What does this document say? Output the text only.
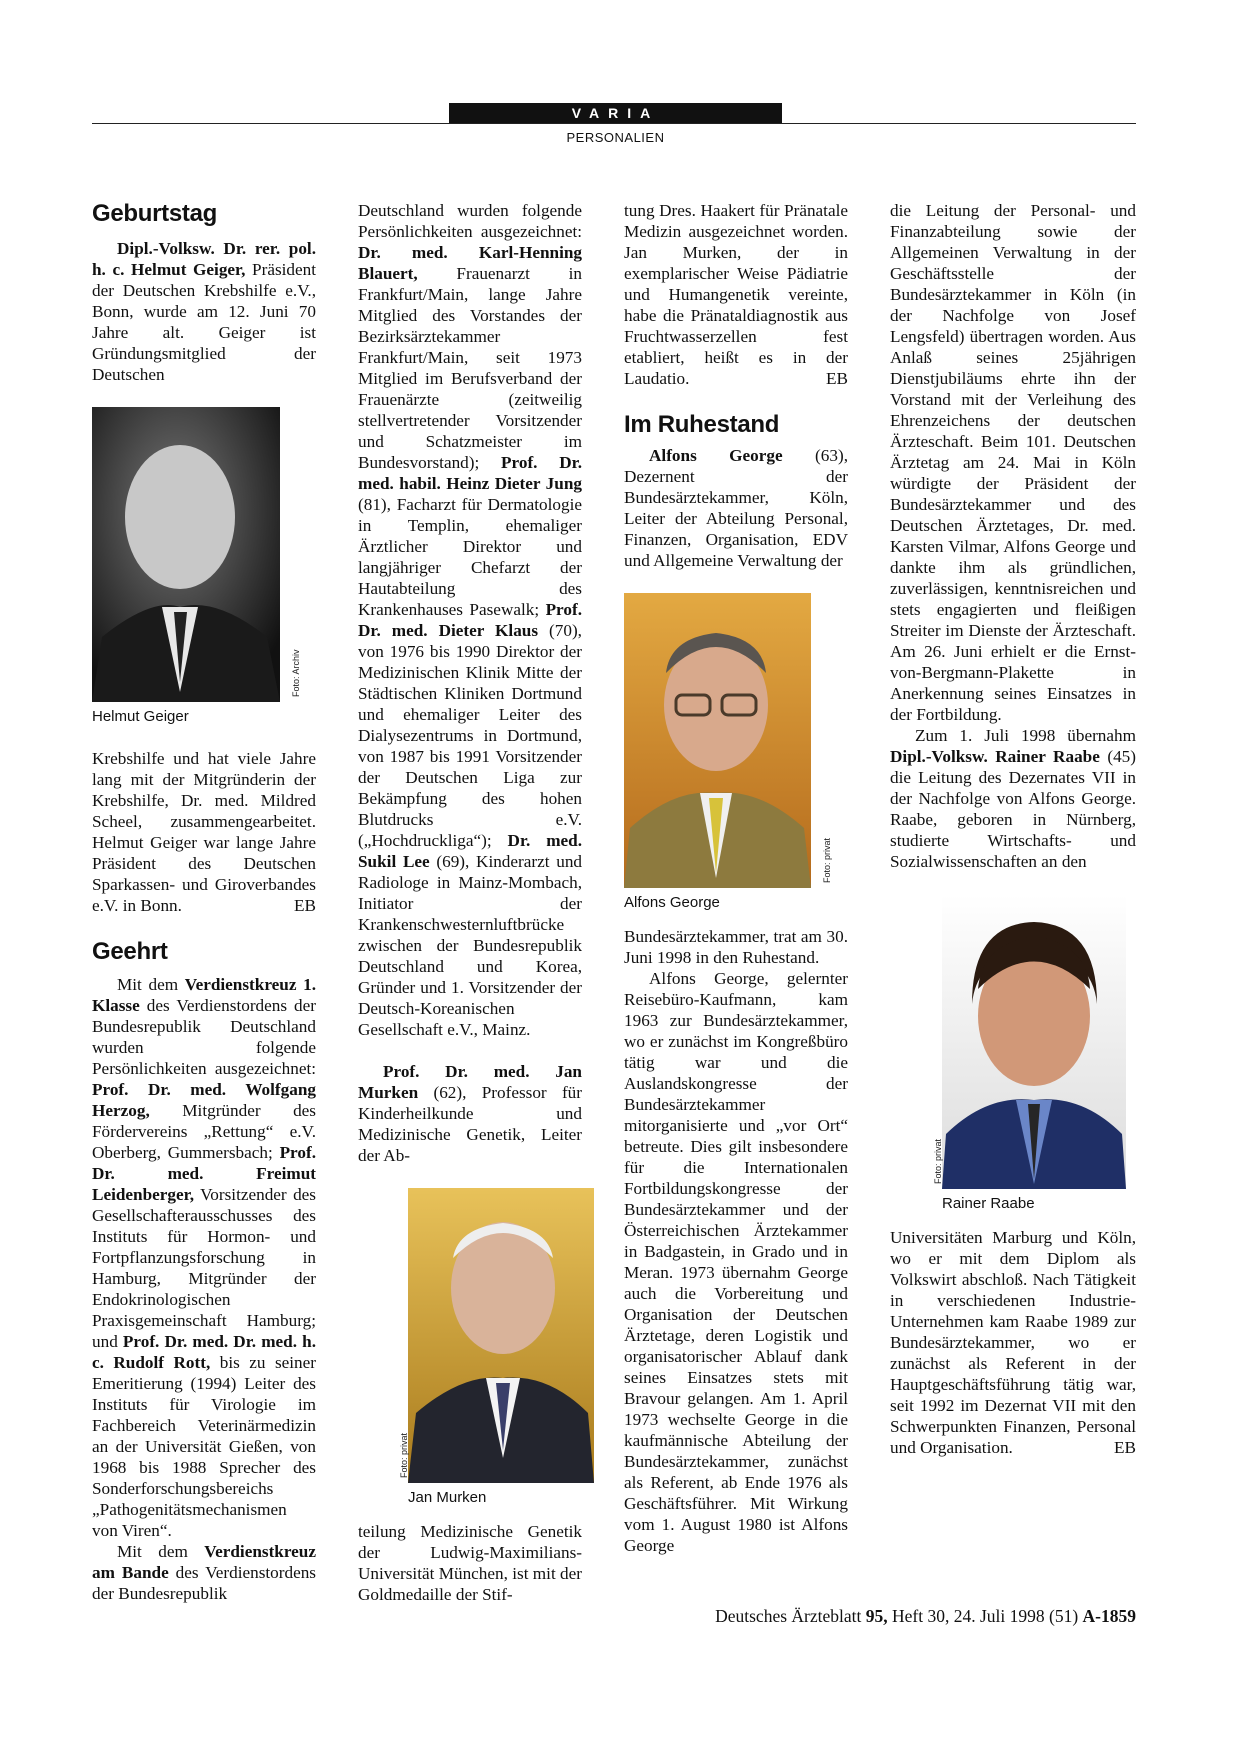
VARIA
PERSONALIEN
Geburtstag

Dipl.-Volksw. Dr. rer. pol. h. c. Helmut Geiger, Präsident der Deutschen Krebshilfe e.V., Bonn, wurde am 12. Juni 70 Jahre alt. Geiger ist Gründungsmitglied der Deutschen

Foto: Archiv
Helmut Geiger

Krebshilfe und hat viele Jahre lang mit der Mitgründerin der Krebshilfe, Dr. med. Mildred Scheel, zusammengearbeitet. Helmut Geiger war lange Jahre Präsident des Deutschen Sparkassen- und Giroverbandes e.V. in Bonn.	EB

Geehrt

Mit dem Verdienstkreuz 1. Klasse des Verdienstordens der Bundesrepublik Deutschland wurden folgende Persönlichkeiten ausgezeichnet: Prof. Dr. med. Wolfgang Herzog, Mitgründer des Fördervereins „Rettung“ e.V. Oberberg, Gummersbach; Prof. Dr. med. Freimut Leidenberger, Vorsitzender des Gesellschafterausschusses des Instituts für Hormon- und Fortpflanzungsforschung in Hamburg, Mitgründer der Endokrinologischen Praxisgemeinschaft Hamburg; und Prof. Dr. med. Dr. med. h. c. Rudolf Rott, bis zu seiner Emeritierung (1994) Leiter des Instituts für Virologie im Fachbereich Veterinärmedizin an der Universität Gießen, von 1968 bis 1988 Sprecher des Sonderforschungsbereichs „Pathogenitätsmechanismen von Viren“.

Mit dem Verdienstkreuz am Bande des Verdienstordens der Bundesrepublik

Deutschland wurden folgende Persönlichkeiten ausgezeichnet: Dr. med. Karl-Henning Blauert, Frauenarzt in Frankfurt/Main, lange Jahre Mitglied des Vorstandes der Bezirksärztekammer Frankfurt/Main, seit 1973 Mitglied im Berufsverband der Frauenärzte (zeitweilig stellvertretender Vorsitzender und Schatzmeister im Bundesvorstand); Prof. Dr. med. habil. Heinz Dieter Jung (81), Facharzt für Dermatologie in Templin, ehemaliger Ärztlicher Direktor und langjähriger Chefarzt der Hautabteilung des Krankenhauses Pasewalk; Prof. Dr. med. Dieter Klaus (70), von 1976 bis 1990 Direktor der Medizinischen Klinik Mitte der Städtischen Kliniken Dortmund und ehemaliger Leiter des Dialysezentrums in Dortmund, von 1987 bis 1991 Vorsitzender der Deutschen Liga zur Bekämpfung des hohen Blutdrucks e.V. („Hochdruckliga“); Dr. med. Sukil Lee (69), Kinderarzt und Radiologe in Mainz-Mombach, Initiator der Krankenschwesternluftbrücke zwischen der Bundesrepublik Deutschland und Korea, Gründer und 1. Vorsitzender der Deutsch-Koreanischen Gesellschaft e.V., Mainz.

Prof. Dr. med. Jan Murken (62), Professor für Kinderheilkunde und Medizinische Genetik, Leiter der Ab-

Foto: privat
Jan Murken

teilung Medizinische Genetik der Ludwig-Maximilians-Universität München, ist mit der Goldmedaille der Stif-

tung Dres. Haakert für Pränatale Medizin ausgezeichnet worden. Jan Murken, der in exemplarischer Weise Pädiatrie und Humangenetik vereinte, habe die Pränataldiagnostik aus Fruchtwasserzellen fest etabliert, heißt es in der Laudatio.	EB

Im Ruhestand

Alfons George (63), Dezernent der Bundesärztekammer, Köln, Leiter der Abteilung Personal, Finanzen, Organisation, EDV und Allgemeine Verwaltung der

Foto: privat
Alfons George

Bundesärztekammer, trat am 30. Juni 1998 in den Ruhestand.

Alfons George, gelernter Reisebüro-Kaufmann, kam 1963 zur Bundesärztekammer, wo er zunächst im Kongreßbüro tätig war und die Auslandskongresse der Bundesärztekammer mitorganisierte und „vor Ort“ betreute. Dies gilt insbesondere für die Internationalen Fortbildungskongresse der Bundesärztekammer und der Österreichischen Ärztekammer in Badgastein, in Grado und in Meran. 1973 übernahm George auch die Vorbereitung und Organisation der Deutschen Ärztetage, deren Logistik und organisatorischer Ablauf dank seines Einsatzes stets mit Bravour gelangen. Am 1. April 1973 wechselte George in die kaufmännische Abteilung der Bundesärztekammer, zunächst als Referent, ab Ende 1976 als Geschäftsführer. Mit Wirkung vom 1. August 1980 ist Alfons George

die Leitung der Personal- und Finanzabteilung sowie der Allgemeinen Verwaltung in der Geschäftsstelle der Bundesärztekammer in Köln (in der Nachfolge von Josef Lengsfeld) übertragen worden. Aus Anlaß seines 25jährigen Dienstjubiläums ehrte ihn der Vorstand mit der Verleihung des Ehrenzeichens der deutschen Ärzteschaft. Beim 101. Deutschen Ärztetag am 24. Mai in Köln würdigte der Präsident der Bundesärztekammer und des Deutschen Ärztetages, Dr. med. Karsten Vilmar, Alfons George und dankte ihm als gründlichen, zuverlässigen, kenntnisreichen und stets engagierten und fleißigen Streiter im Dienste der Ärzteschaft. Am 26. Juni erhielt er die Ernst-von-Bergmann-Plakette in Anerkennung seines Einsatzes in der Fortbildung.

Zum 1. Juli 1998 übernahm Dipl.-Volksw. Rainer Raabe (45) die Leitung des Dezernates VII in der Nachfolge von Alfons George. Raabe, geboren in Nürnberg, studierte Wirtschafts- und Sozialwissenschaften an den

Foto: privat
Rainer Raabe

Universitäten Marburg und Köln, wo er mit dem Diplom als Volkswirt abschloß. Nach Tätigkeit in verschiedenen Industrie-Unternehmen kam Raabe 1989 zur Bundesärztekammer, wo er zunächst als Referent in der Hauptgeschäftsführung tätig war, seit 1992 im Dezernat VII mit den Schwerpunkten Finanzen, Personal und Organisation.	EB

Deutsches Ärzteblatt 95, Heft 30, 24. Juli 1998 (51) A-1859
